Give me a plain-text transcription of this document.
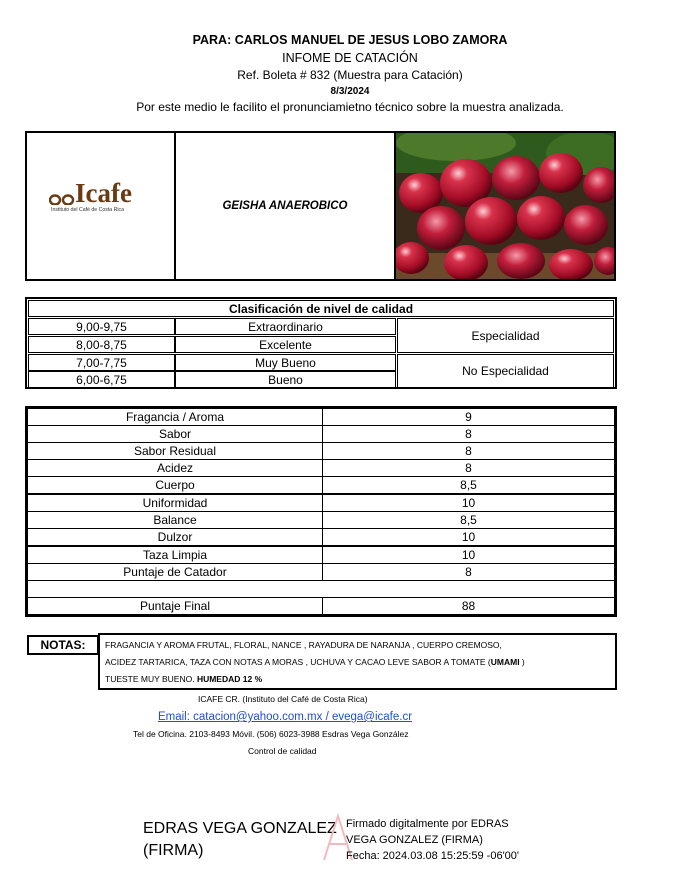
PARA: CARLOS MANUEL DE JESUS LOBO ZAMORA
INFOME DE CATACIÓN
Ref. Boleta # 832 (Muestra para Catación)
8/3/2024
Por este medio le facilito el pronunciamietno técnico sobre la muestra analizada.
Icafe
Instituto del Café de Costa Rica	GEISHA ANAEROBICO
Clasificación de nivel de calidad
9,00-9,75	Extraordinario
8,00-8,75	Excelente
Especialidad
7,00-7,75	Muy Bueno
6,00-6,75	Bueno
No Especialidad
Fragancia / Aroma	9
Sabor	8
Sabor Residual	8
Acidez	8
Cuerpo	8,5
Uniformidad	10
Balance	8,5
Dulzor	10
Taza Limpia	10
Puntaje de Catador	8
Puntaje Final	88
NOTAS:	FRAGANCIA Y AROMA FRUTAL, FLORAL, NANCE , RAYADURA DE NARANJA , CUERPO CREMOSO,
ACIDEZ TARTARICA, TAZA CON NOTAS A MORAS , UCHUVA Y CACAO LEVE SABOR A TOMATE (UMAMI )
TUESTE MUY BUENO. HUMEDAD 12 %
ICAFE CR. (Instituto del Café de Costa Rica)
Email: catacion@yahoo.com.mx / evega@icafe.cr
Tel de Oficina. 2103-8493 Móvil. (506) 6023-3988 Esdras Vega González
Control de calidad
EDRAS VEGA GONZALEZ
(FIRMA)
Firmado digitalmente por EDRAS
VEGA GONZALEZ (FIRMA)
Fecha: 2024.03.08 15:25:59 -06'00'
